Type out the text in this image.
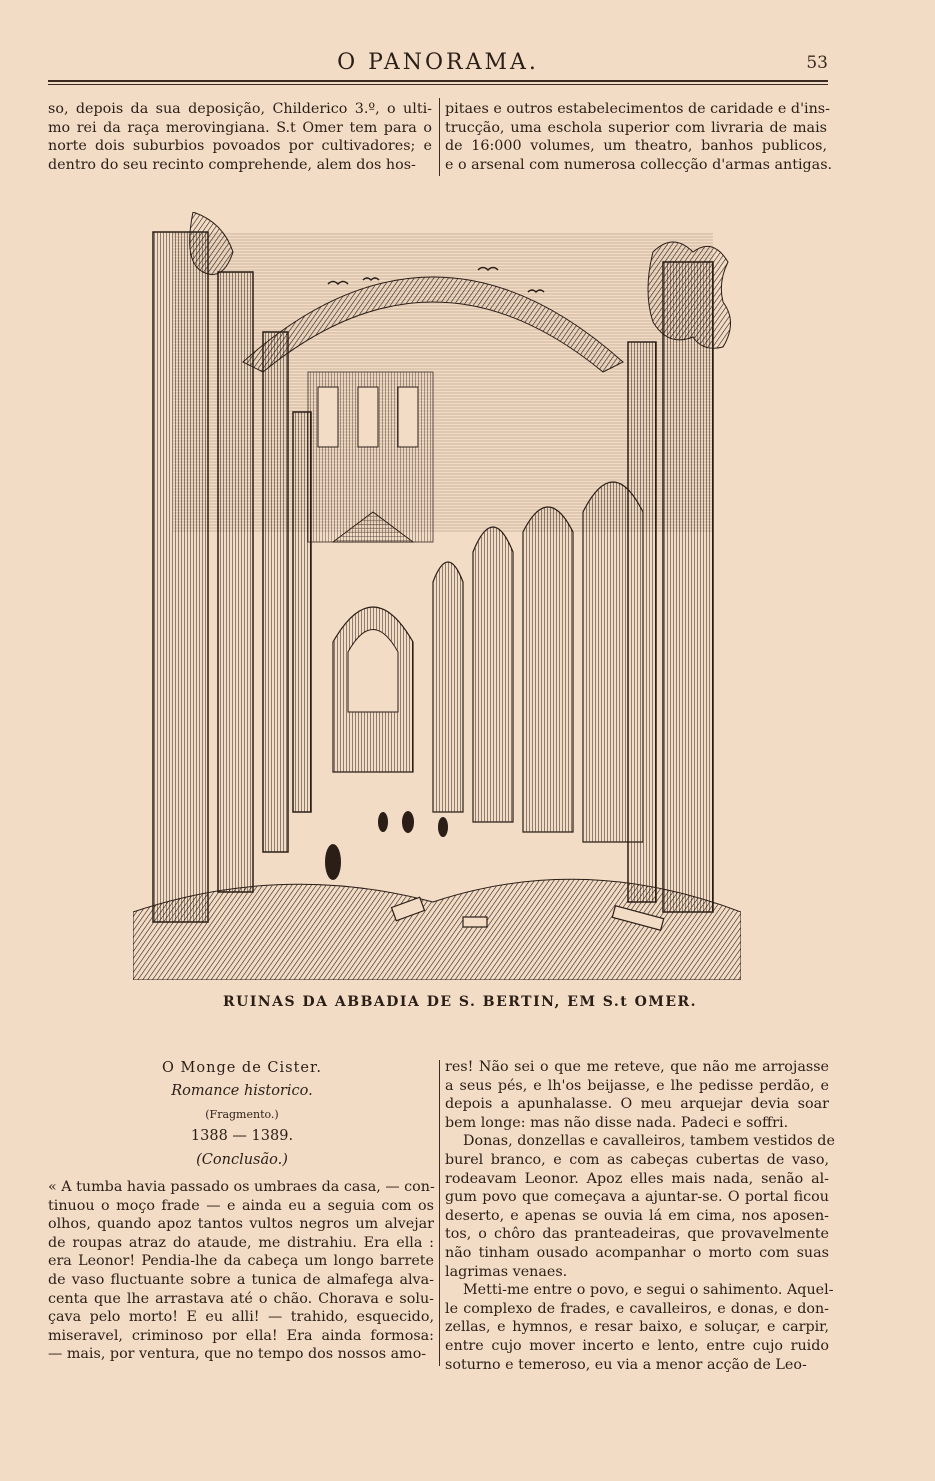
O PANORAMA.	53
so, depois da sua deposição, Childerico 3.º, o ulti-
mo rei da raça merovingiana. S.t Omer tem para o
norte dois suburbios povoados por cultivadores; e
dentro do seu recinto comprehende, alem dos hos-
pitaes e outros estabelecimentos de caridade e d'ins-
trucção, uma eschola superior com livraria de mais
de 16:000 volumes, um theatro, banhos publicos,
e o arsenal com numerosa collecção d'armas antigas.
RUINAS DA ABBADIA DE S. BERTIN, EM S.t OMER.
O Monge de Cister.
Romance historico.
(Fragmento.)
1388 — 1389.
(Conclusão.)
« A tumba havia passado os umbraes da casa, — con-
tinuou o moço frade — e ainda eu a seguia com os
olhos, quando apoz tantos vultos negros um alvejar
de roupas atraz do ataude, me distrahiu. Era ella :
era Leonor! Pendia-lhe da cabeça um longo barrete
de vaso fluctuante sobre a tunica de almafega alva-
centa que lhe arrastava até o chão. Chorava e solu-
çava pelo morto! E eu alli! — trahido, esquecido,
miseravel, criminoso por ella! Era ainda formosa:
— mais, por ventura, que no tempo dos nossos amo-
res! Não sei o que me reteve, que não me arrojasse
a seus pés, e lh'os beijasse, e lhe pedisse perdão, e
depois a apunhalasse. O meu arquejar devia soar
bem longe: mas não disse nada. Padeci e soffri.
Donas, donzellas e cavalleiros, tambem vestidos de
burel branco, e com as cabeças cubertas de vaso,
rodeavam Leonor. Apoz elles mais nada, senão al-
gum povo que começava a ajuntar-se. O portal ficou
deserto, e apenas se ouvia lá em cima, nos aposen-
tos, o chôro das pranteadeiras, que provavelmente
não tinham ousado acompanhar o morto com suas
lagrimas venaes.
Metti-me entre o povo, e segui o sahimento. Aquel-
le complexo de frades, e cavalleiros, e donas, e don-
zellas, e hymnos, e resar baixo, e soluçar, e carpir,
entre cujo mover incerto e lento, entre cujo ruido
soturno e temeroso, eu via a menor acção de Leo-
